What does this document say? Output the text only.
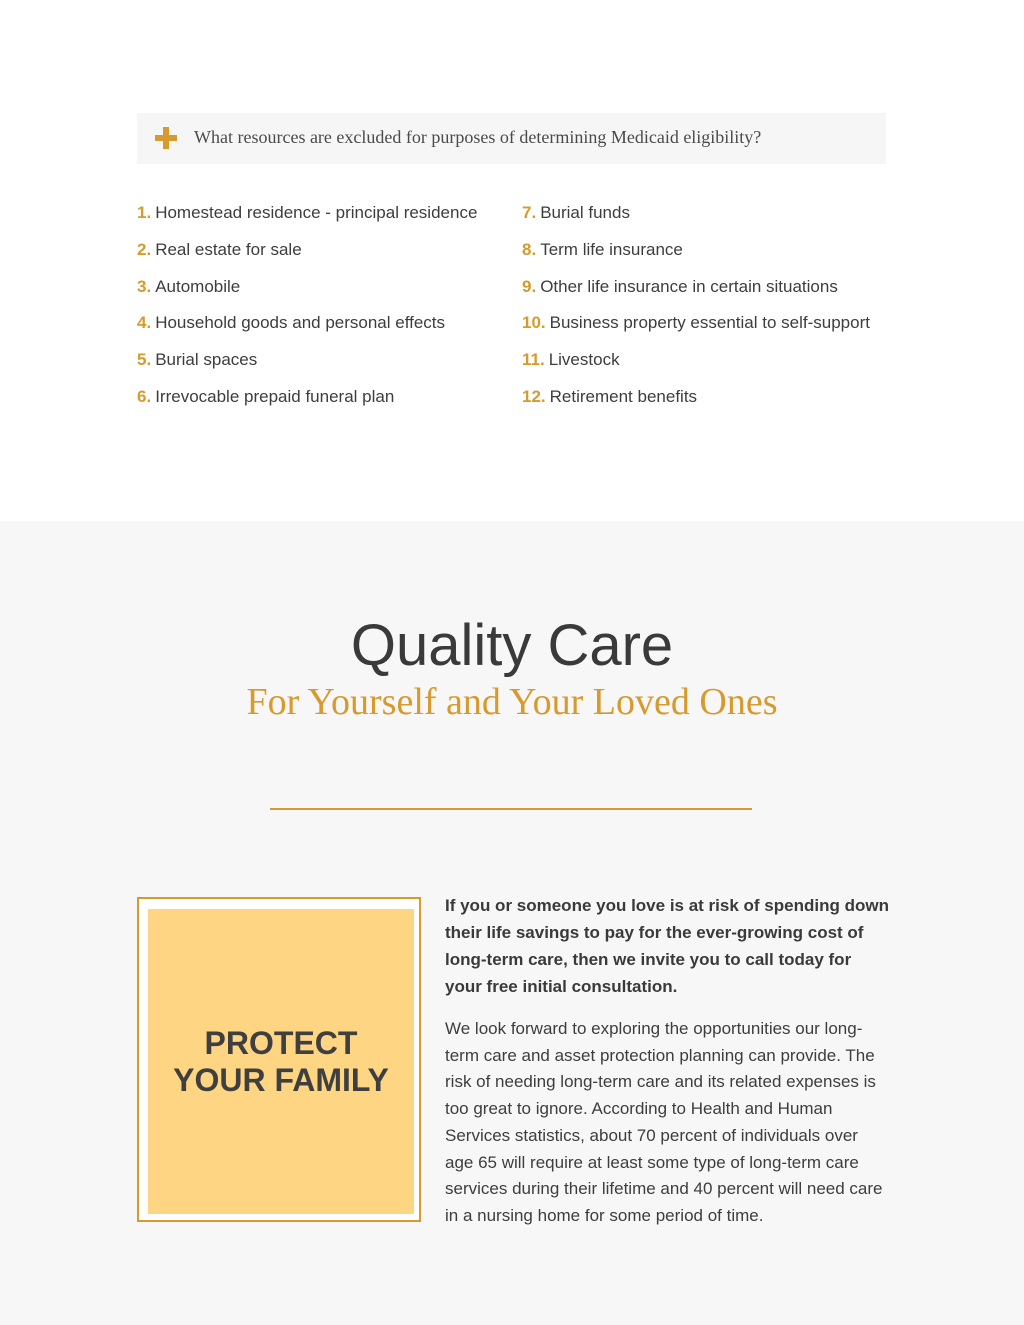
What resources are excluded for purposes of determining Medicaid eligibility?
1. Homestead residence - principal residence
2. Real estate for sale
3. Automobile
4. Household goods and personal effects
5. Burial spaces
6. Irrevocable prepaid funeral plan
7. Burial funds
8. Term life insurance
9. Other life insurance in certain situations
10. Business property essential to self-support
11. Livestock
12. Retirement benefits
Quality Care
For Yourself and Your Loved Ones
PROTECT
YOUR FAMILY

If you or someone you love is at risk of spending down their life savings to pay for the ever-growing cost of long-term care, then we invite you to call today for your free initial consultation.

We look forward to exploring the opportunities our long-term care and asset protection planning can provide. The risk of needing long-term care and its related expenses is too great to ignore. According to Health and Human Services statistics, about 70 percent of individuals over age 65 will require at least some type of long-term care services during their lifetime and 40 percent will need care in a nursing home for some period of time.
